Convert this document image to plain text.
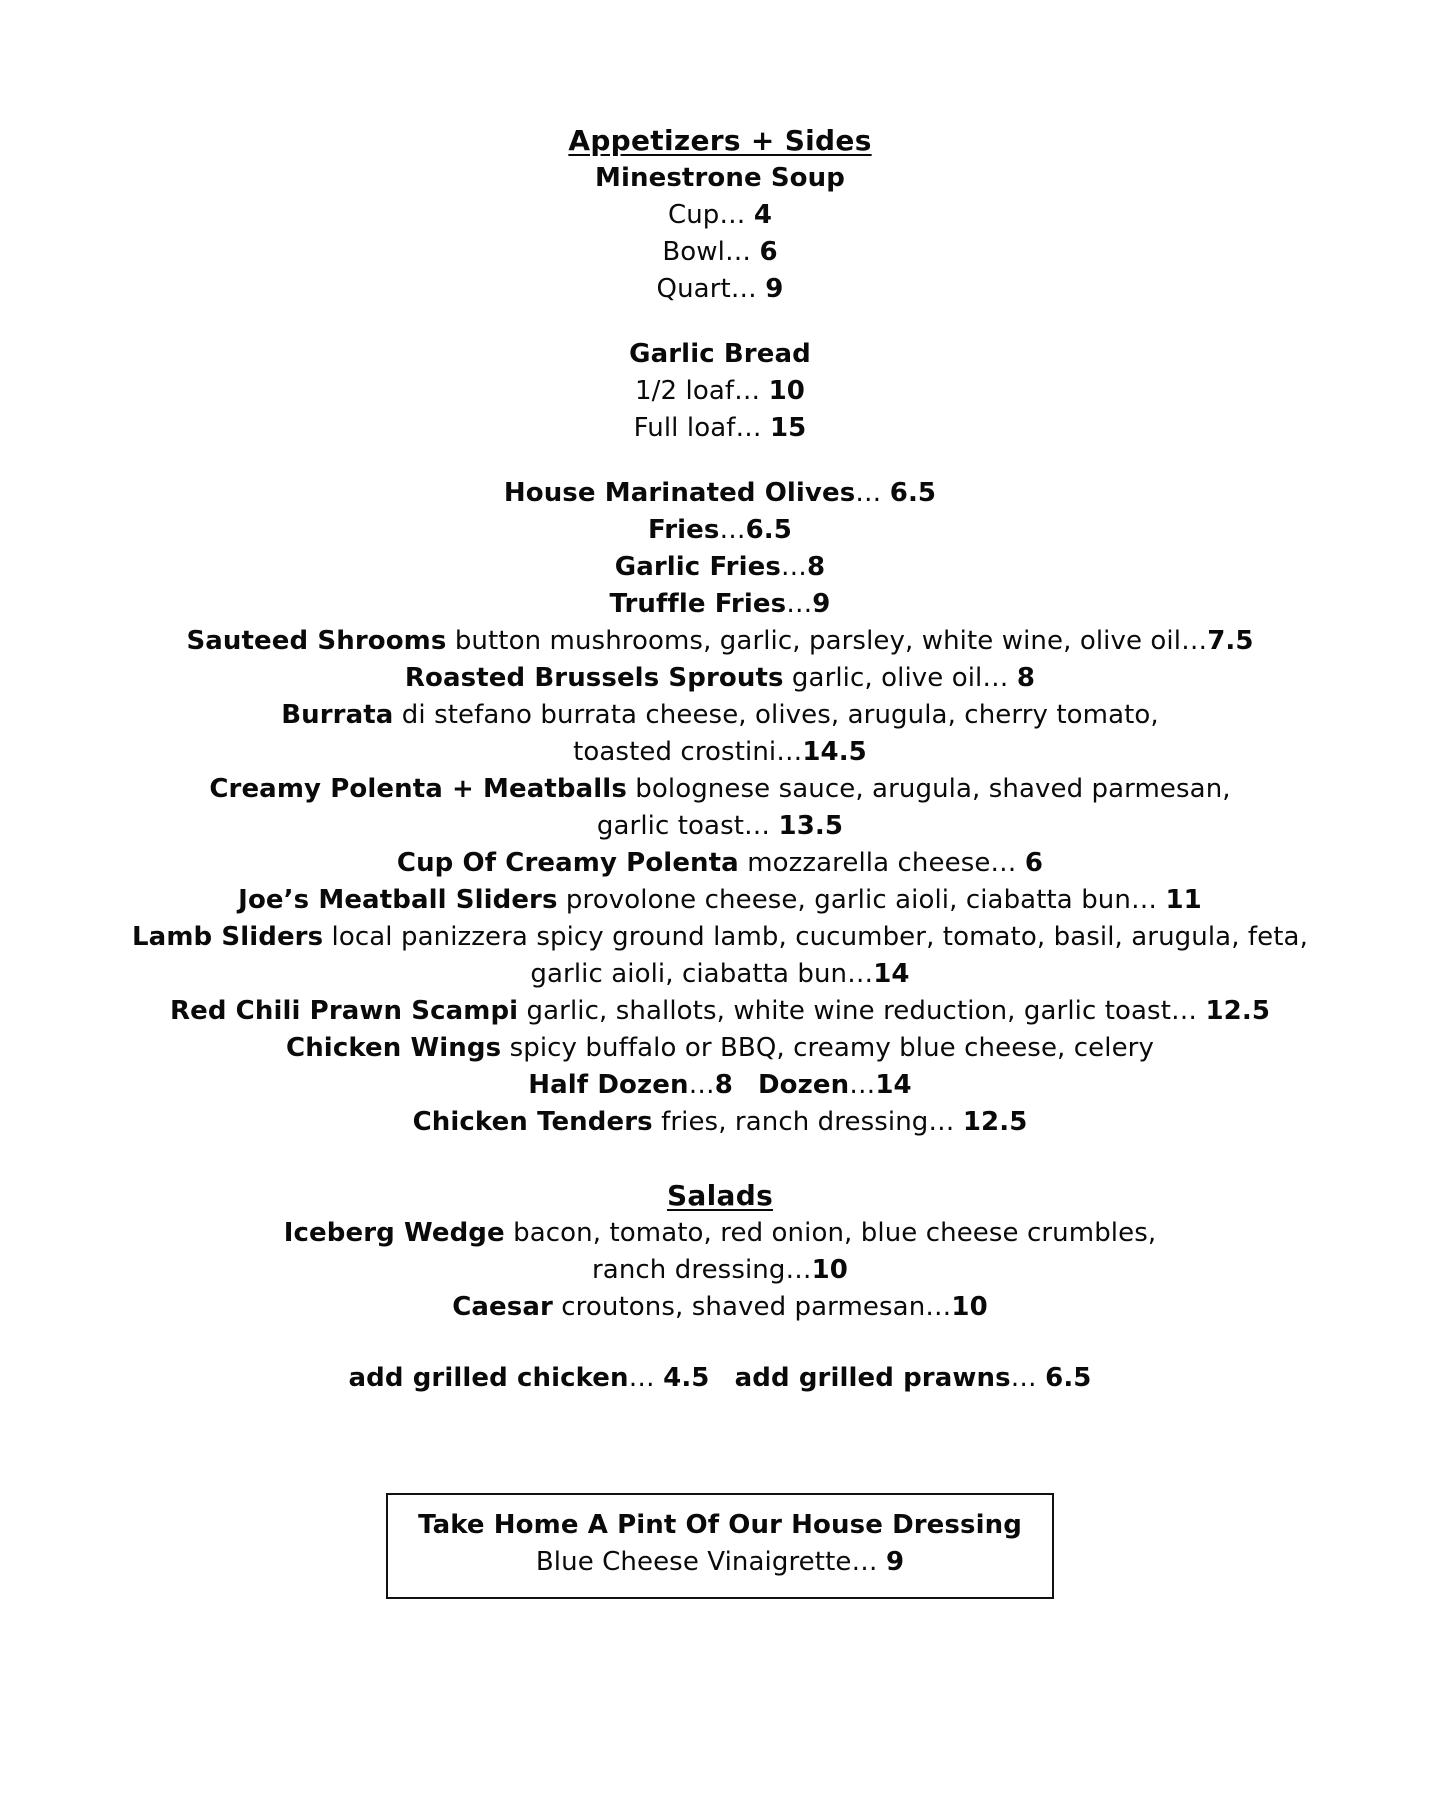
Appetizers + Sides
Minestrone Soup
Cup… 4
Bowl… 6
Quart… 9
Garlic Bread
1/2 loaf… 10
Full loaf… 15
House Marinated Olives… 6.5
Fries…6.5
Garlic Fries…8
Truffle Fries…9
Sauteed Shrooms button mushrooms, garlic, parsley, white wine, olive oil…7.5
Roasted Brussels Sprouts garlic, olive oil… 8
Burrata di stefano burrata cheese, olives, arugula, cherry tomato,
toasted crostini…14.5
Creamy Polenta + Meatballs bolognese sauce, arugula, shaved parmesan,
garlic toast… 13.5
Cup Of Creamy Polenta mozzarella cheese… 6
Joe’s Meatball Sliders provolone cheese, garlic aioli, ciabatta bun… 11
Lamb Sliders local panizzera spicy ground lamb, cucumber, tomato, basil, arugula, feta,
garlic aioli, ciabatta bun…14
Red Chili Prawn Scampi garlic, shallots, white wine reduction, garlic toast… 12.5
Chicken Wings spicy buffalo or BBQ, creamy blue cheese, celery
Half Dozen…8 Dozen…14
Chicken Tenders fries, ranch dressing… 12.5
Salads
Iceberg Wedge bacon, tomato, red onion, blue cheese crumbles,
ranch dressing…10
Caesar croutons, shaved parmesan…10
add grilled chicken… 4.5 add grilled prawns… 6.5
Take Home A Pint Of Our House Dressing
Blue Cheese Vinaigrette… 9
